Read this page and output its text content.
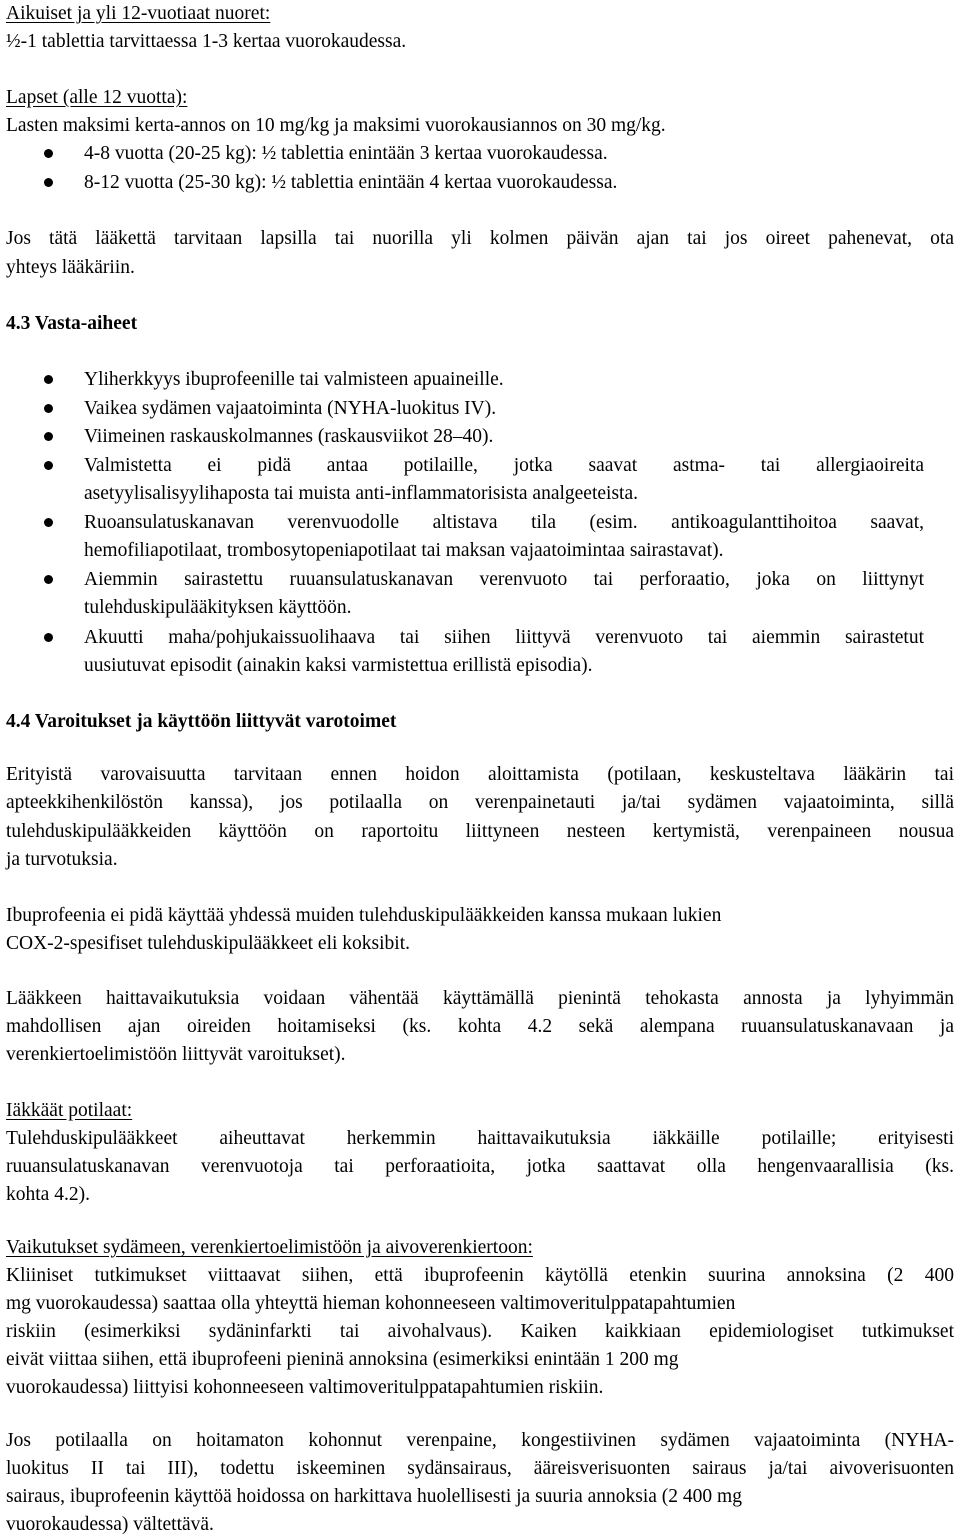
Aikuiset ja yli 12-vuotiaat nuoret:
½-1 tablettia tarvittaessa 1-3 kertaa vuorokaudessa.
Lapset (alle 12 vuotta):
Lasten maksimi kerta-annos on 10 mg/kg ja maksimi vuorokausiannos on 30 mg/kg.
4-8 vuotta (20-25 kg): ½ tablettia enintään 3 kertaa vuorokaudessa.
8-12 vuotta (25-30 kg): ½ tablettia enintään 4 kertaa vuorokaudessa.
Jos tätä lääkettä tarvitaan lapsilla tai nuorilla yli kolmen päivän ajan tai jos oireet pahenevat, ota
yhteys lääkäriin.
4.3 Vasta-aiheet
Yliherkkyys ibuprofeenille tai valmisteen apuaineille.
Vaikea sydämen vajaatoiminta (NYHA-luokitus IV).
Viimeinen raskauskolmannes (raskausviikot 28–40).
Valmistetta ei pidä antaa potilaille, jotka saavat astma- tai allergiaoireita
asetyylisalisyylihaposta tai muista anti-inflammatorisista analgeeteista.
Ruoansulatuskanavan verenvuodolle altistava tila (esim. antikoagulanttihoitoa saavat,
hemofiliapotilaat, trombosytopeniapotilaat tai maksan vajaatoimintaa sairastavat).
Aiemmin sairastettu ruuansulatuskanavan verenvuoto tai perforaatio, joka on liittynyt
tulehduskipulääkityksen käyttöön.
Akuutti maha/pohjukaissuolihaava tai siihen liittyvä verenvuoto tai aiemmin sairastetut
uusiutuvat episodit (ainakin kaksi varmistettua erillistä episodia).
4.4 Varoitukset ja käyttöön liittyvät varotoimet
Erityistä varovaisuutta tarvitaan ennen hoidon aloittamista (potilaan, keskusteltava lääkärin tai
apteekkihenkilöstön kanssa), jos potilaalla on verenpainetauti ja/tai sydämen vajaatoiminta, sillä
tulehduskipulääkkeiden käyttöön on raportoitu liittyneen nesteen kertymistä, verenpaineen nousua
ja turvotuksia.
Ibuprofeenia ei pidä käyttää yhdessä muiden tulehduskipulääkkeiden kanssa mukaan lukien
COX-2-spesifiset tulehduskipulääkkeet eli koksibit.
Lääkkeen haittavaikutuksia voidaan vähentää käyttämällä pienintä tehokasta annosta ja lyhyimmän
mahdollisen ajan oireiden hoitamiseksi (ks. kohta 4.2 sekä alempana ruuansulatuskanavaan ja
verenkiertoelimistöön liittyvät varoitukset).
Iäkkäät potilaat:
Tulehduskipulääkkeet aiheuttavat herkemmin haittavaikutuksia iäkkäille potilaille; erityisesti
ruuansulatuskanavan verenvuotoja tai perforaatioita, jotka saattavat olla hengenvaarallisia (ks.
kohta 4.2).
Vaikutukset sydämeen, verenkiertoelimistöön ja aivoverenkiertoon:
Kliiniset tutkimukset viittaavat siihen, että ibuprofeenin käytöllä etenkin suurina annoksina (2 400
mg vuorokaudessa) saattaa olla yhteyttä hieman kohonneeseen valtimoveritulppatapahtumien
riskiin (esimerkiksi sydäninfarkti tai aivohalvaus). Kaiken kaikkiaan epidemiologiset tutkimukset
eivät viittaa siihen, että ibuprofeeni pieninä annoksina (esimerkiksi enintään 1 200 mg
vuorokaudessa) liittyisi kohonneeseen valtimoveritulppatapahtumien riskiin.
Jos potilaalla on hoitamaton kohonnut verenpaine, kongestiivinen sydämen vajaatoiminta (NYHA-
luokitus II tai III), todettu iskeeminen sydänsairaus, ääreisverisuonten sairaus ja/tai aivoverisuonten
sairaus, ibuprofeenin käyttöä hoidossa on harkittava huolellisesti ja suuria annoksia (2 400 mg
vuorokaudessa) vältettävä.
